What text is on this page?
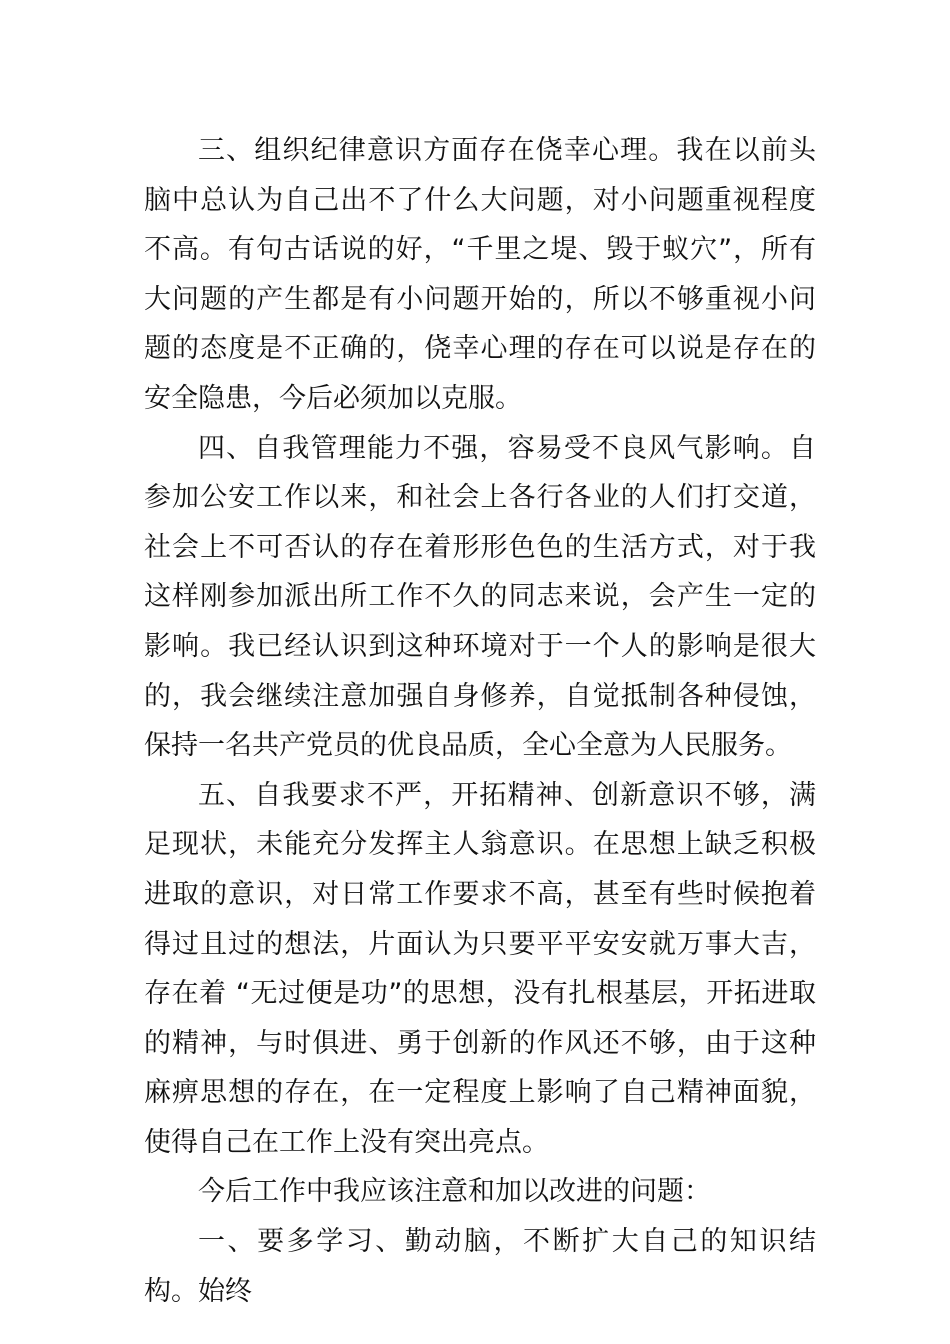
三、组织纪律意识方面存在侥幸心理。我在以前头脑中总认为自己出不了什么大问题，对小问题重视程度不高。有句古话说的好，“千里之堤、毁于蚁穴”，所有大问题的产生都是有小问题开始的，所以不够重视小问题的态度是不正确的，侥幸心理的存在可以说是存在的安全隐患，今后必须加以克服。

四、自我管理能力不强，容易受不良风气影响。自参加公安工作以来，和社会上各行各业的人们打交道，社会上不可否认的存在着形形色色的生活方式，对于我这样刚参加派出所工作不久的同志来说，会产生一定的影响。我已经认识到这种环境对于一个人的影响是很大的，我会继续注意加强自身修养，自觉抵制各种侵蚀，保持一名共产党员的优良品质，全心全意为人民服务。

五、自我要求不严，开拓精神、创新意识不够，满足现状，未能充分发挥主人翁意识。在思想上缺乏积极进取的意识，对日常工作要求不高，甚至有些时候抱着得过且过的想法，片面认为只要平平安安就万事大吉，存在着 “无过便是功”的思想，没有扎根基层，开拓进取的精神，与时俱进、勇于创新的作风还不够，由于这种麻痹思想的存在，在一定程度上影响了自己精神面貌，使得自己在工作上没有突出亮点。

今后工作中我应该注意和加以改进的问题：

一、要多学习、勤动脑，不断扩大自己的知识结构。始终
